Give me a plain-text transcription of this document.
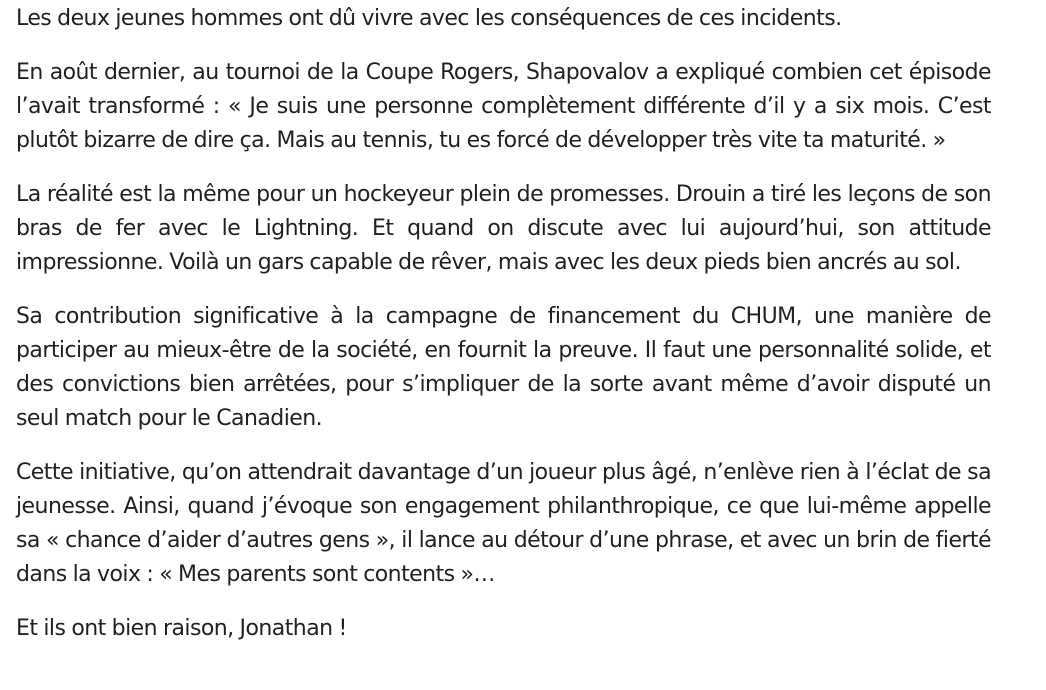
Les deux jeunes hommes ont dû vivre avec les conséquences de ces incidents.

En août dernier, au tournoi de la Coupe Rogers, Shapovalov a expliqué combien cet épisode l’avait transformé : « Je suis une personne complètement différente d’il y a six mois. C’est plutôt bizarre de dire ça. Mais au tennis, tu es forcé de développer très vite ta maturité. »

La réalité est la même pour un hockeyeur plein de promesses. Drouin a tiré les leçons de son bras de fer avec le Lightning. Et quand on discute avec lui aujourd’hui, son attitude impressionne. Voilà un gars capable de rêver, mais avec les deux pieds bien ancrés au sol.

Sa contribution significative à la campagne de financement du CHUM, une manière de participer au mieux-être de la société, en fournit la preuve. Il faut une personnalité solide, et des convictions bien arrêtées, pour s’impliquer de la sorte avant même d’avoir disputé un seul match pour le Canadien.

Cette initiative, qu’on attendrait davantage d’un joueur plus âgé, n’enlève rien à l’éclat de sa jeunesse. Ainsi, quand j’évoque son engagement philanthropique, ce que lui-même appelle sa « chance d’aider d’autres gens », il lance au détour d’une phrase, et avec un brin de fierté dans la voix : « Mes parents sont contents »…

Et ils ont bien raison, Jonathan !
